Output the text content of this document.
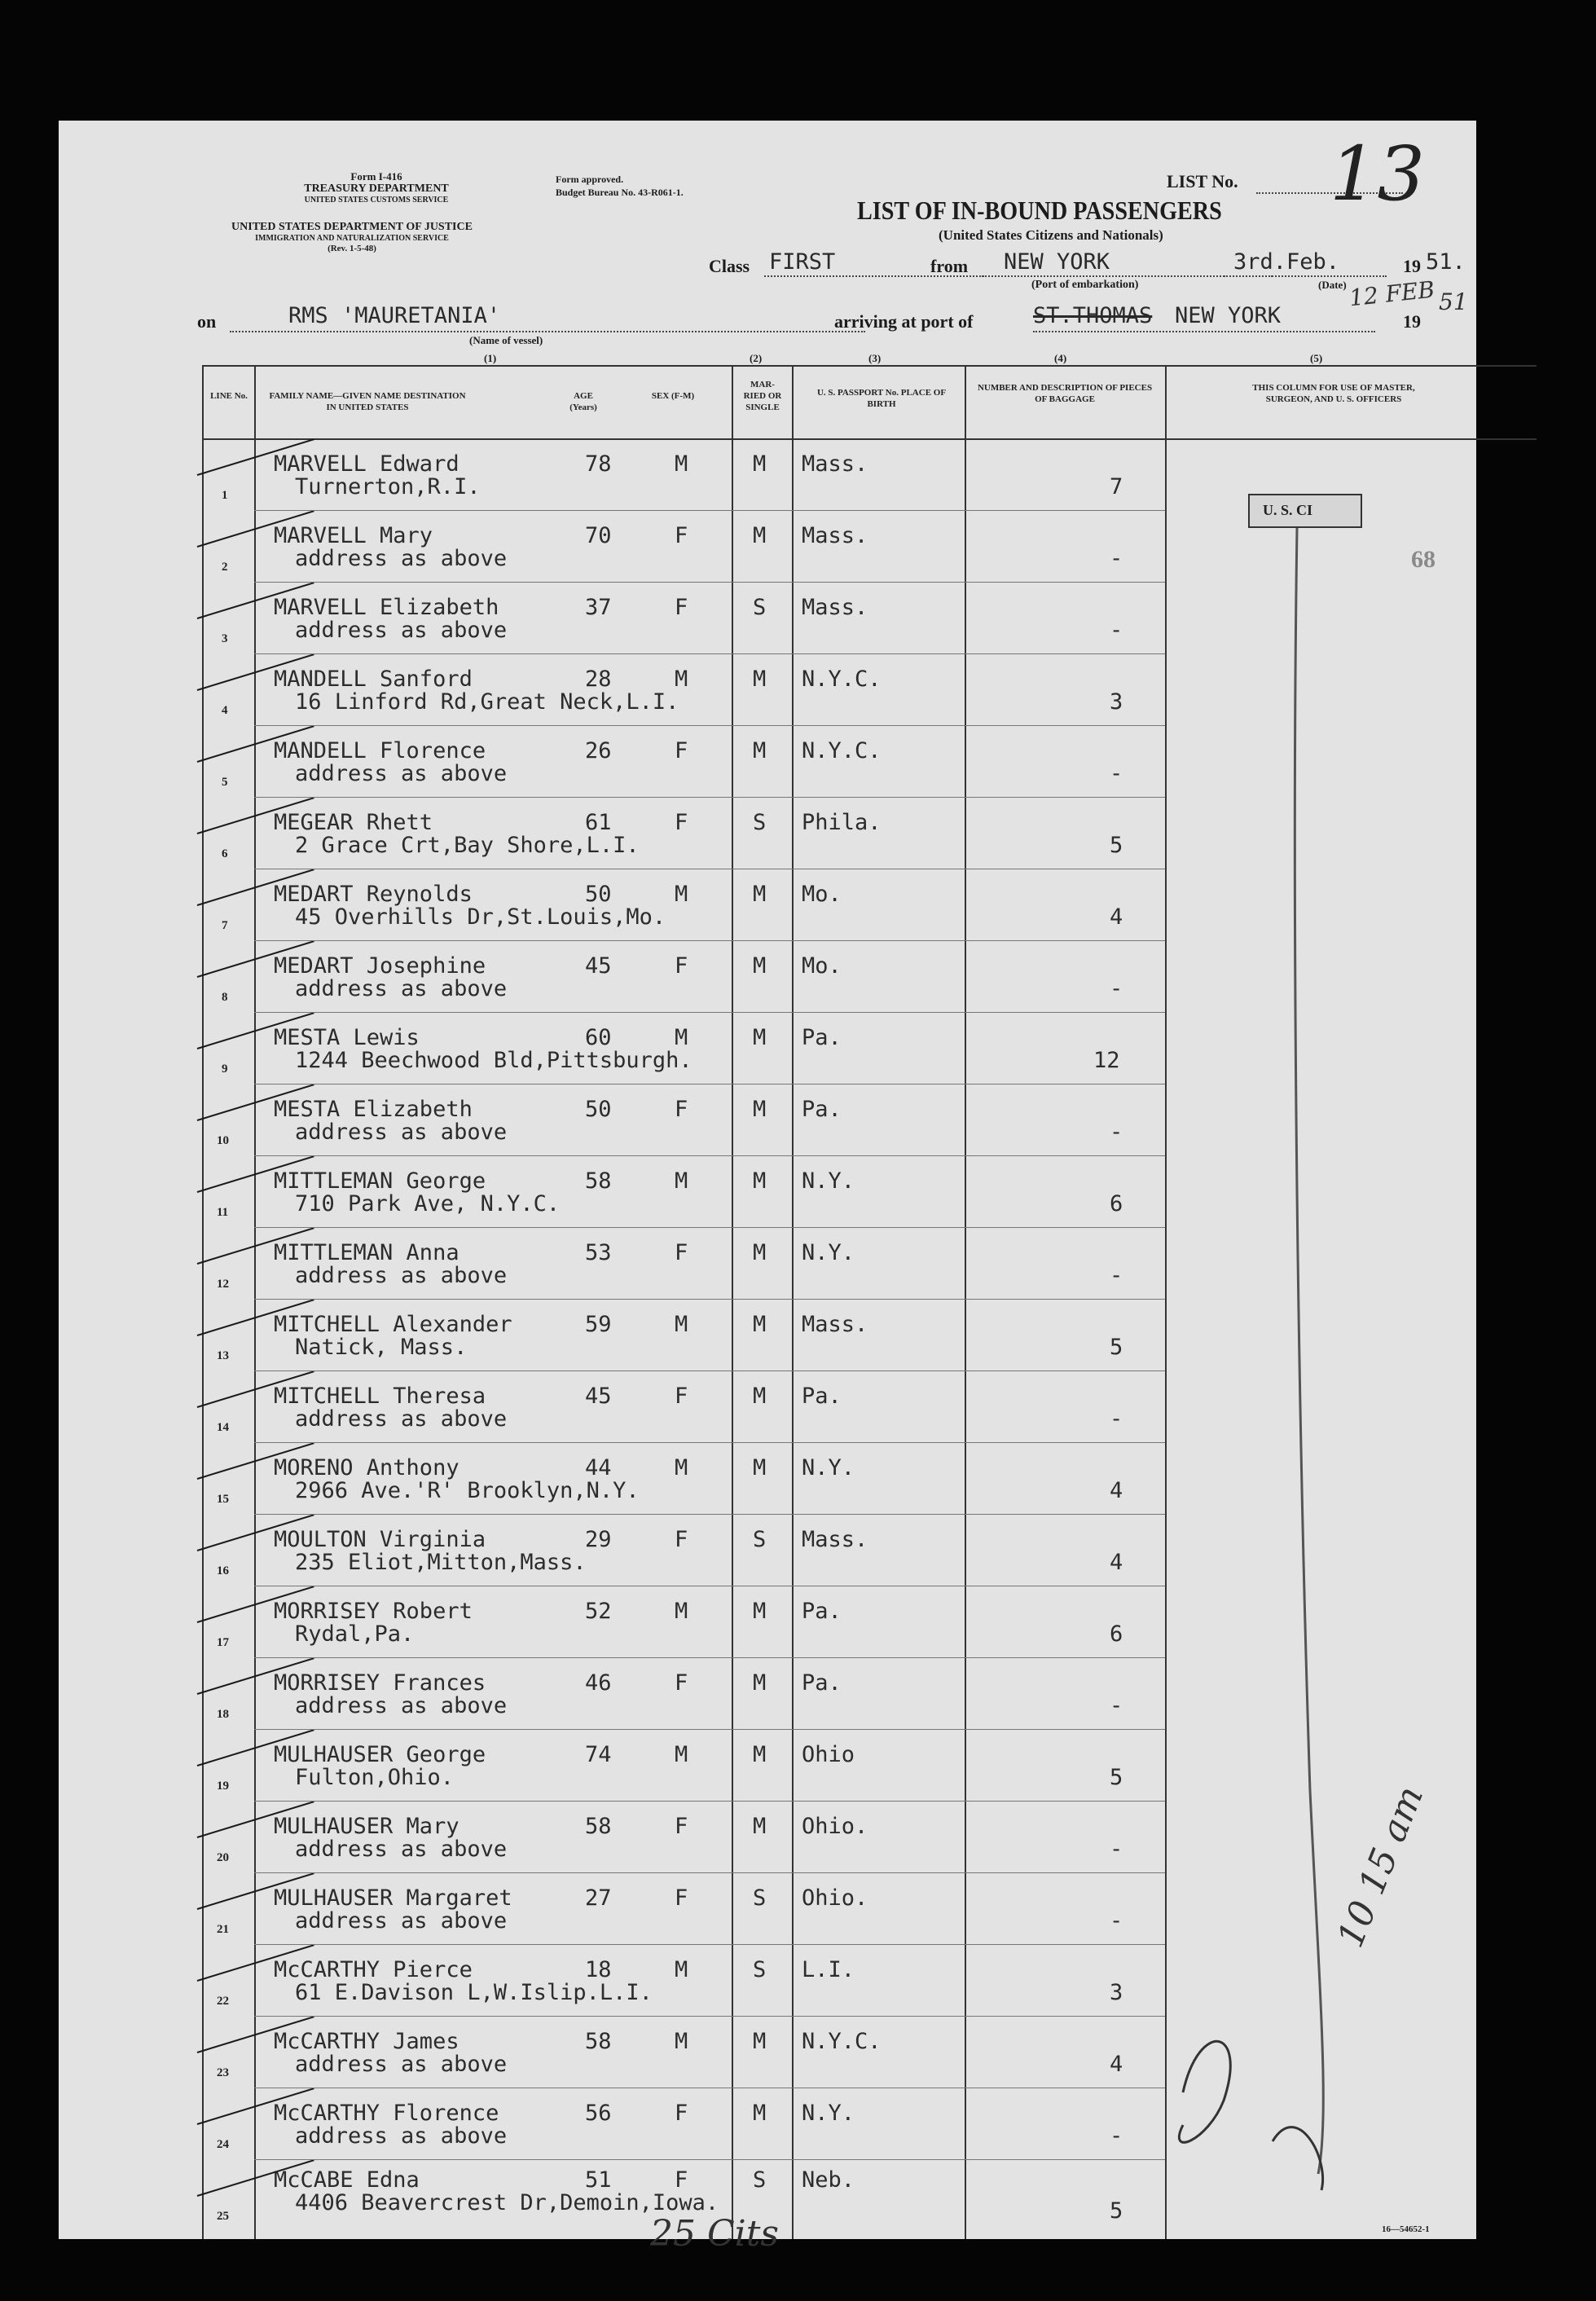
Form I-416
TREASURY DEPARTMENT
UNITED STATES CUSTOMS SERVICE
UNITED STATES DEPARTMENT OF JUSTICE
IMMIGRATION AND NATURALIZATION SERVICE
(Rev. 1-5-48)
Form approved.
Budget Bureau No. 43-R061-1.
LIST No. 13
LIST OF IN-BOUND PASSENGERS
(United States Citizens and Nationals)
Class FIRST	from NEW YORK
(Port of embarkation)
3rd.Feb.
(Date)
19 51.
on	RMS 'MAURETANIA'
(Name of vessel)
arriving at port of	ST.THOMAS NEW YORK
12 FEB
19
51
(1)	(2)	(3)	(4)	(5)
LINE No.	FAMILY NAME—GIVEN NAME DESTINATION IN UNITED STATES
AGE (Years)
SEX (F-M)
MAR-RIED OR SINGLE
U. S. PASSPORT No. PLACE OF BIRTH
NUMBER AND DESCRIPTION OF PIECES OF BAGGAGE
THIS COLUMN FOR USE OF MASTER, SURGEON, AND U. S. OFFICERS
1
MARVELL Edward
Turnerton,R.I.
78	M	M Mass.
7
2
MARVELL Mary
address as above
70	F	M Mass.
-
3
MARVELL Elizabeth
address as above
37	F	S Mass.
-
4
MANDELL Sanford
16 Linford Rd,Great Neck,L.I.
28	M	M N.Y.C.
3
5
MANDELL Florence
address as above
26	F	M N.Y.C.
-
6
MEGEAR Rhett
2 Grace Crt,Bay Shore,L.I.
61	F	S Phila.
5
7
MEDART Reynolds
45 Overhills Dr,St.Louis,Mo.
50	M	M Mo.
4
8
MEDART Josephine
address as above
45	F	M Mo.
-
9
MESTA Lewis
1244 Beechwood Bld,Pittsburgh.
60	M	M Pa.
12
10
MESTA Elizabeth
address as above
50	F	M Pa.
-
11
MITTLEMAN George
710 Park Ave, N.Y.C.
58	M	M N.Y.
6
12
MITTLEMAN Anna
address as above
53	F	M N.Y.
-
13
MITCHELL Alexander
Natick, Mass.
59	M	M Mass.
5
14
MITCHELL Theresa
address as above
45	F	M Pa.
-
15
MORENO Anthony
2966 Ave.'R' Brooklyn,N.Y.
44	M	M N.Y.
4
16
MOULTON Virginia
235 Eliot,Mitton,Mass.
29	F	S Mass.
4
17
MORRISEY Robert
Rydal,Pa.
52	M	M Pa.
6
18
MORRISEY Frances
address as above
46	F	M Pa.
-
19
MULHAUSER George
Fulton,Ohio.
74	M	M Ohio
5
20
MULHAUSER Mary
address as above
58	F	M Ohio.
-
21
MULHAUSER Margaret
address as above
27	F	S Ohio.
-
22
McCARTHY Pierce
61 E.Davison L,W.Islip.L.I.
18	M	S L.I.
3
23
McCARTHY James
address as above
58	M	M N.Y.C.
4
24
McCARTHY Florence
address as above
56	F	M N.Y.
-
25
McCABE Edna
4406 Beavercrest Dr,Demoin,Iowa.
51	F	S Neb.
5
U. S. CI
68
10 15 am
25 Cits	16—54652-1
